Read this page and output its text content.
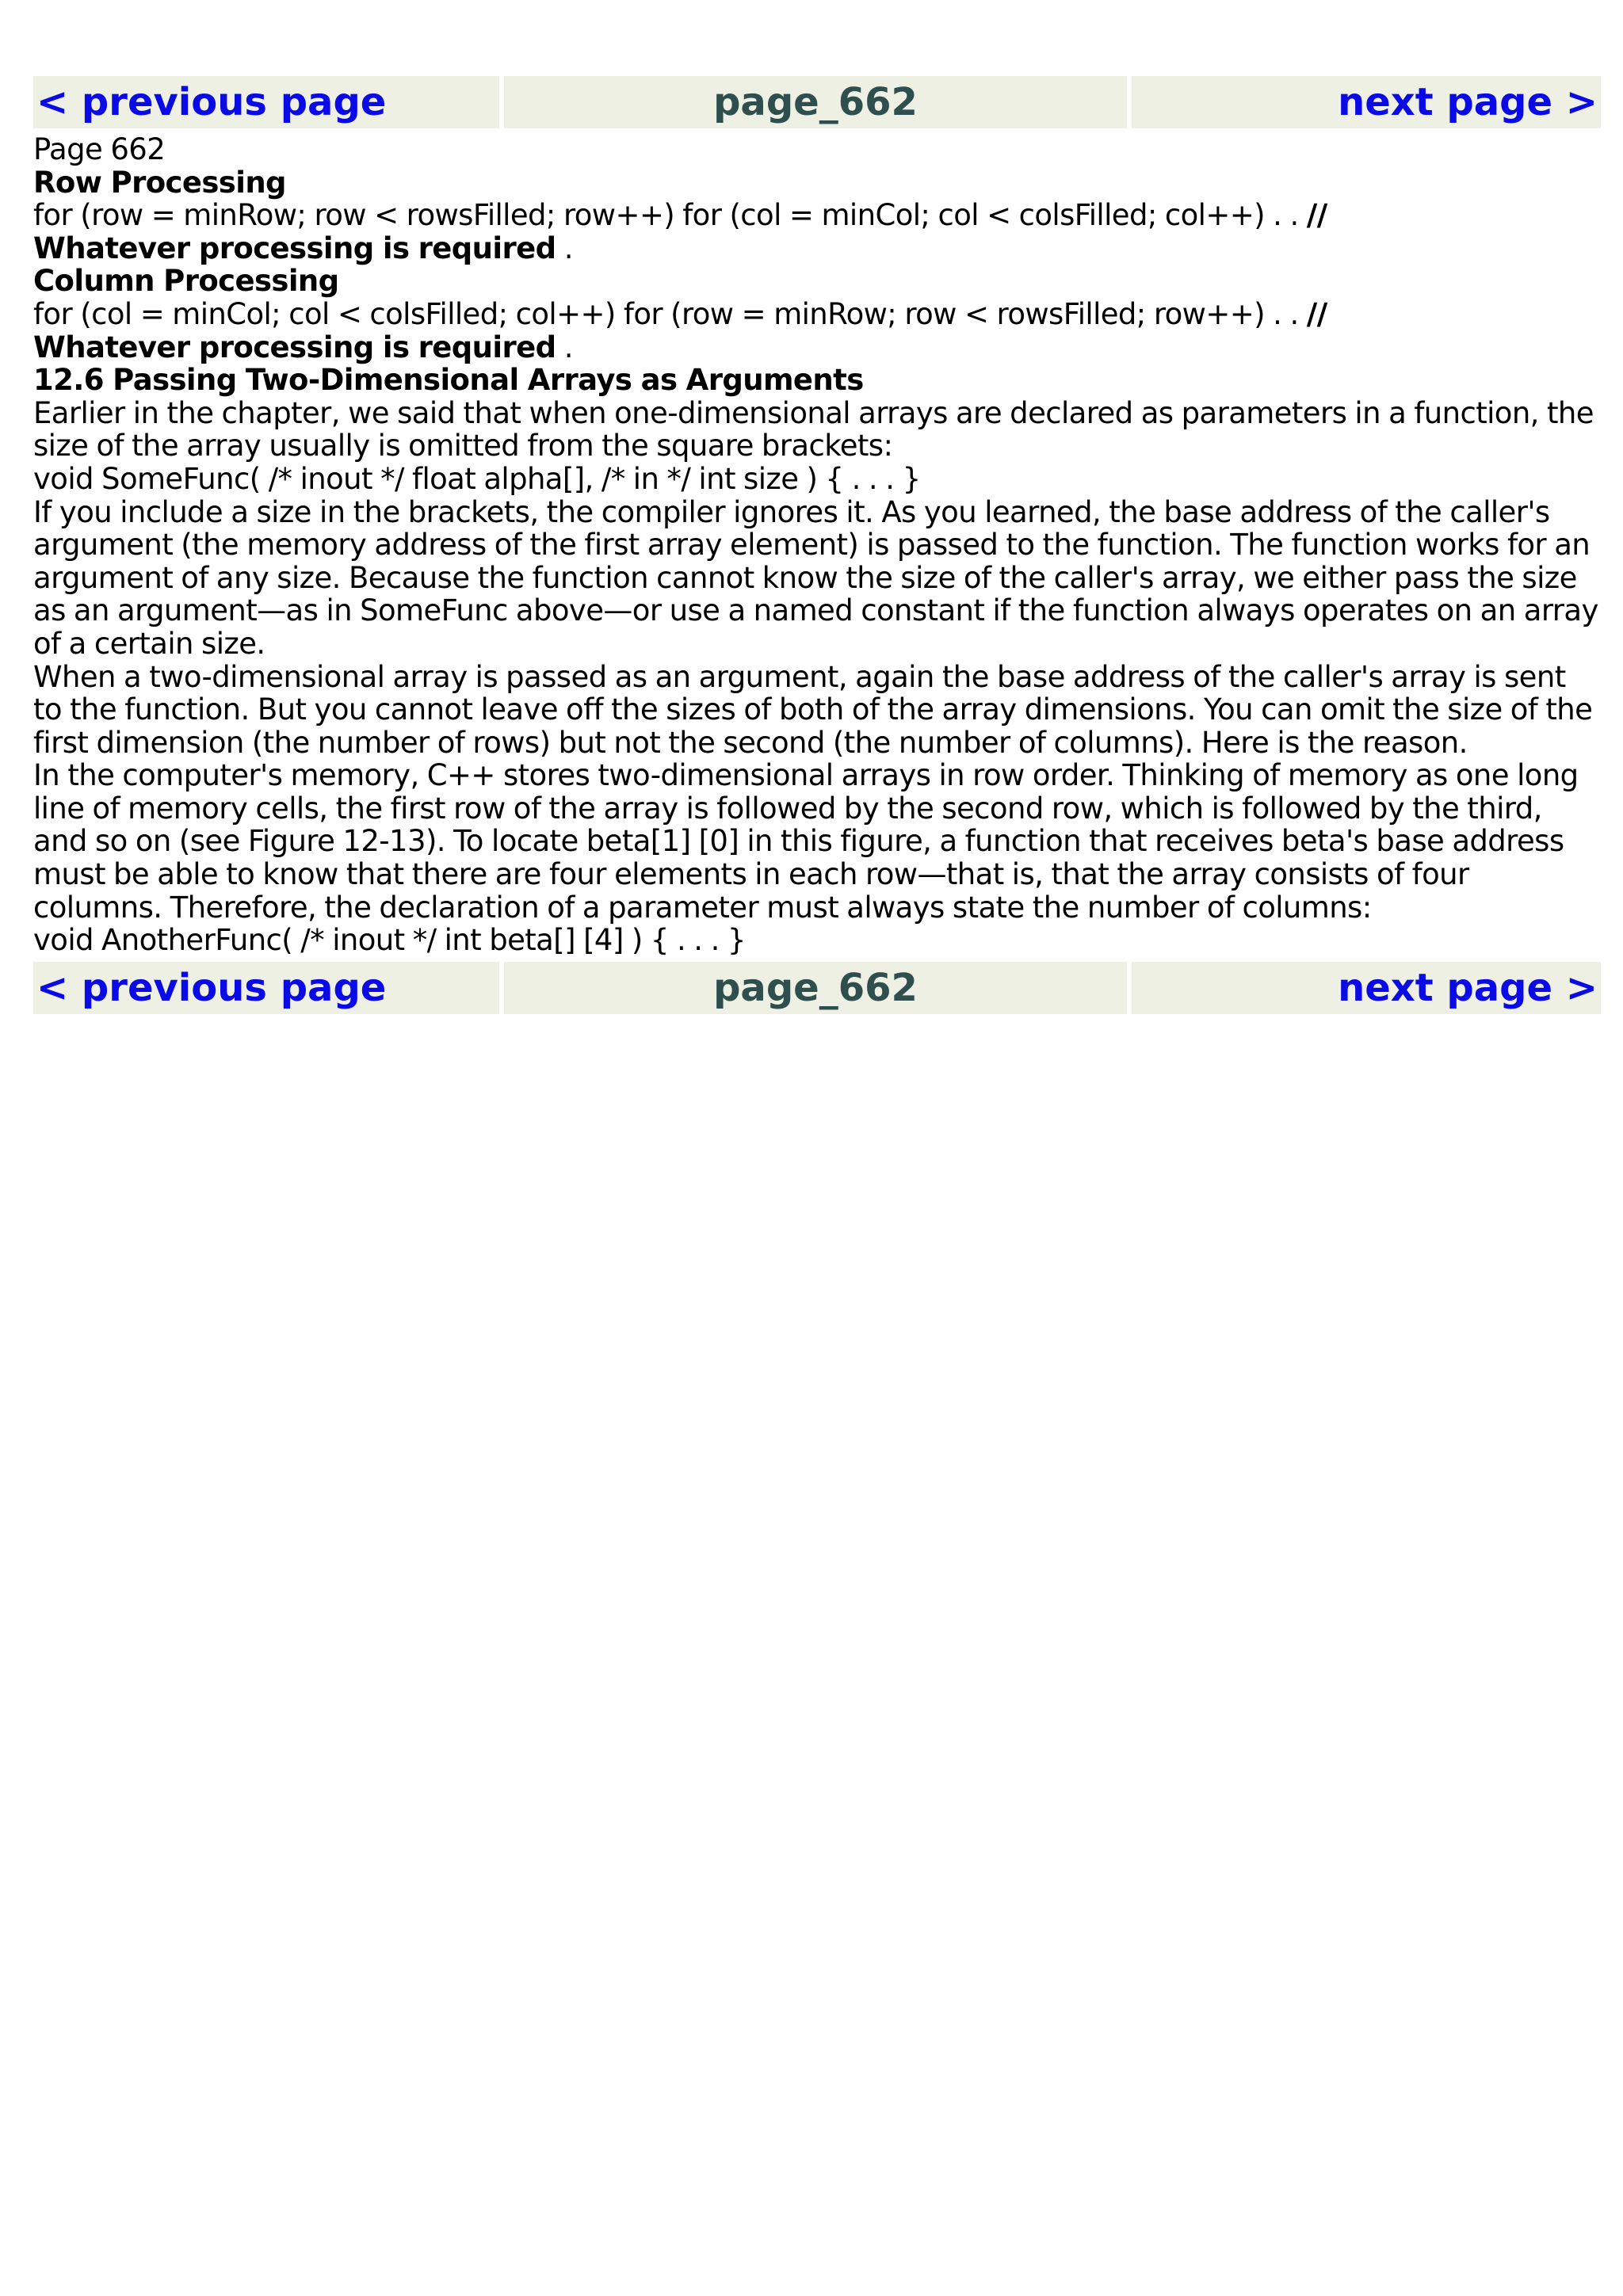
< previous page	page_662	next page >

Page 662

Row Processing

for (row = minRow; row < rowsFilled; row++) for (col = minCol; col < colsFilled; col++) . . //

Whatever processing is required .

Column Processing

for (col = minCol; col < colsFilled; col++) for (row = minRow; row < rowsFilled; row++) . . //

Whatever processing is required .

12.6 Passing Two-Dimensional Arrays as Arguments

Earlier in the chapter, we said that when one-dimensional arrays are declared as parameters in a function, the size of the array usually is omitted from the square brackets:

void SomeFunc( /* inout */ float alpha[], /* in */ int size ) { . . . }

If you include a size in the brackets, the compiler ignores it. As you learned, the base address of the caller's argument (the memory address of the first array element) is passed to the function. The function works for an argument of any size. Because the function cannot know the size of the caller's array, we either pass the size as an argument—as in SomeFunc above—or use a named constant if the function always operates on an array of a certain size.

When a two-dimensional array is passed as an argument, again the base address of the caller's array is sent to the function. But you cannot leave off the sizes of both of the array dimensions. You can omit the size of the first dimension (the number of rows) but not the second (the number of columns). Here is the reason.

In the computer's memory, C++ stores two-dimensional arrays in row order. Thinking of memory as one long line of memory cells, the first row of the array is followed by the second row, which is followed by the third, and so on (see Figure 12-13). To locate beta[1] [0] in this figure, a function that receives beta's base address must be able to know that there are four elements in each row—that is, that the array consists of four columns. Therefore, the declaration of a parameter must always state the number of columns:

void AnotherFunc( /* inout */ int beta[] [4] ) { . . . }

< previous page	page_662	next page >
